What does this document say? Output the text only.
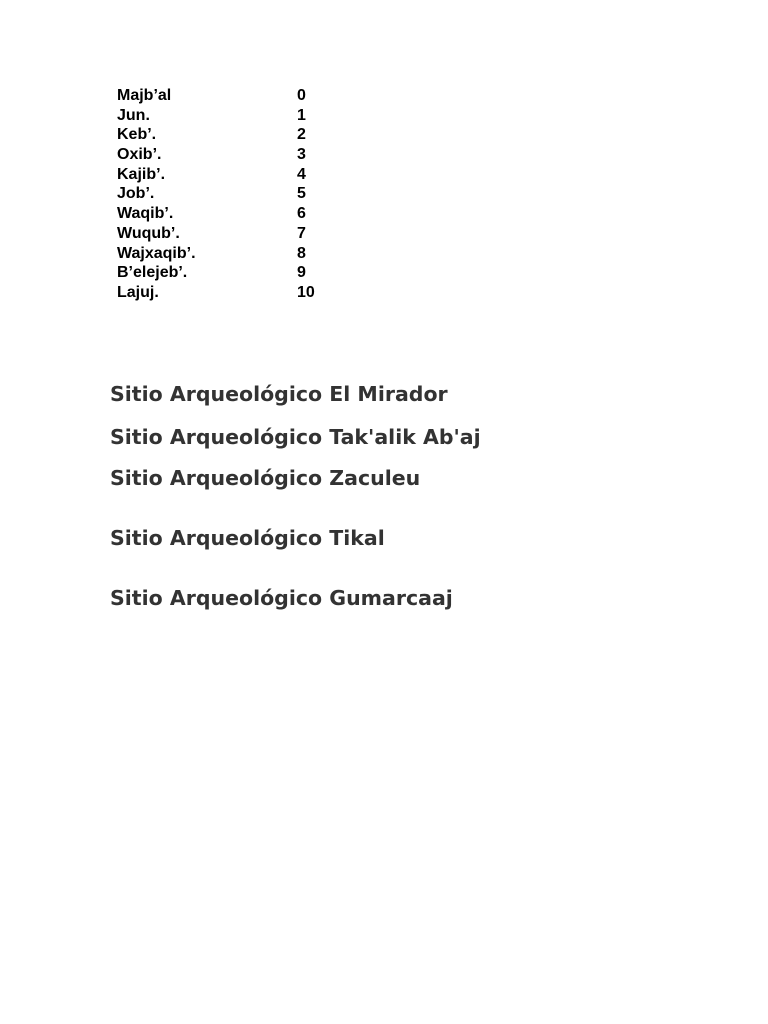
Majb’al	0
Jun.	1
Keb’.	2
Oxib’.	3
Kajib’.	4
Job’.	5
Waqib’.	6
Wuqub’.	7
Wajxaqib’.	8
B’elejeb’.	9
Lajuj.	10
Sitio Arqueológico El Mirador
Sitio Arqueológico Tak'alik Ab'aj
Sitio Arqueológico Zaculeu
Sitio Arqueológico Tikal
Sitio Arqueológico Gumarcaaj
